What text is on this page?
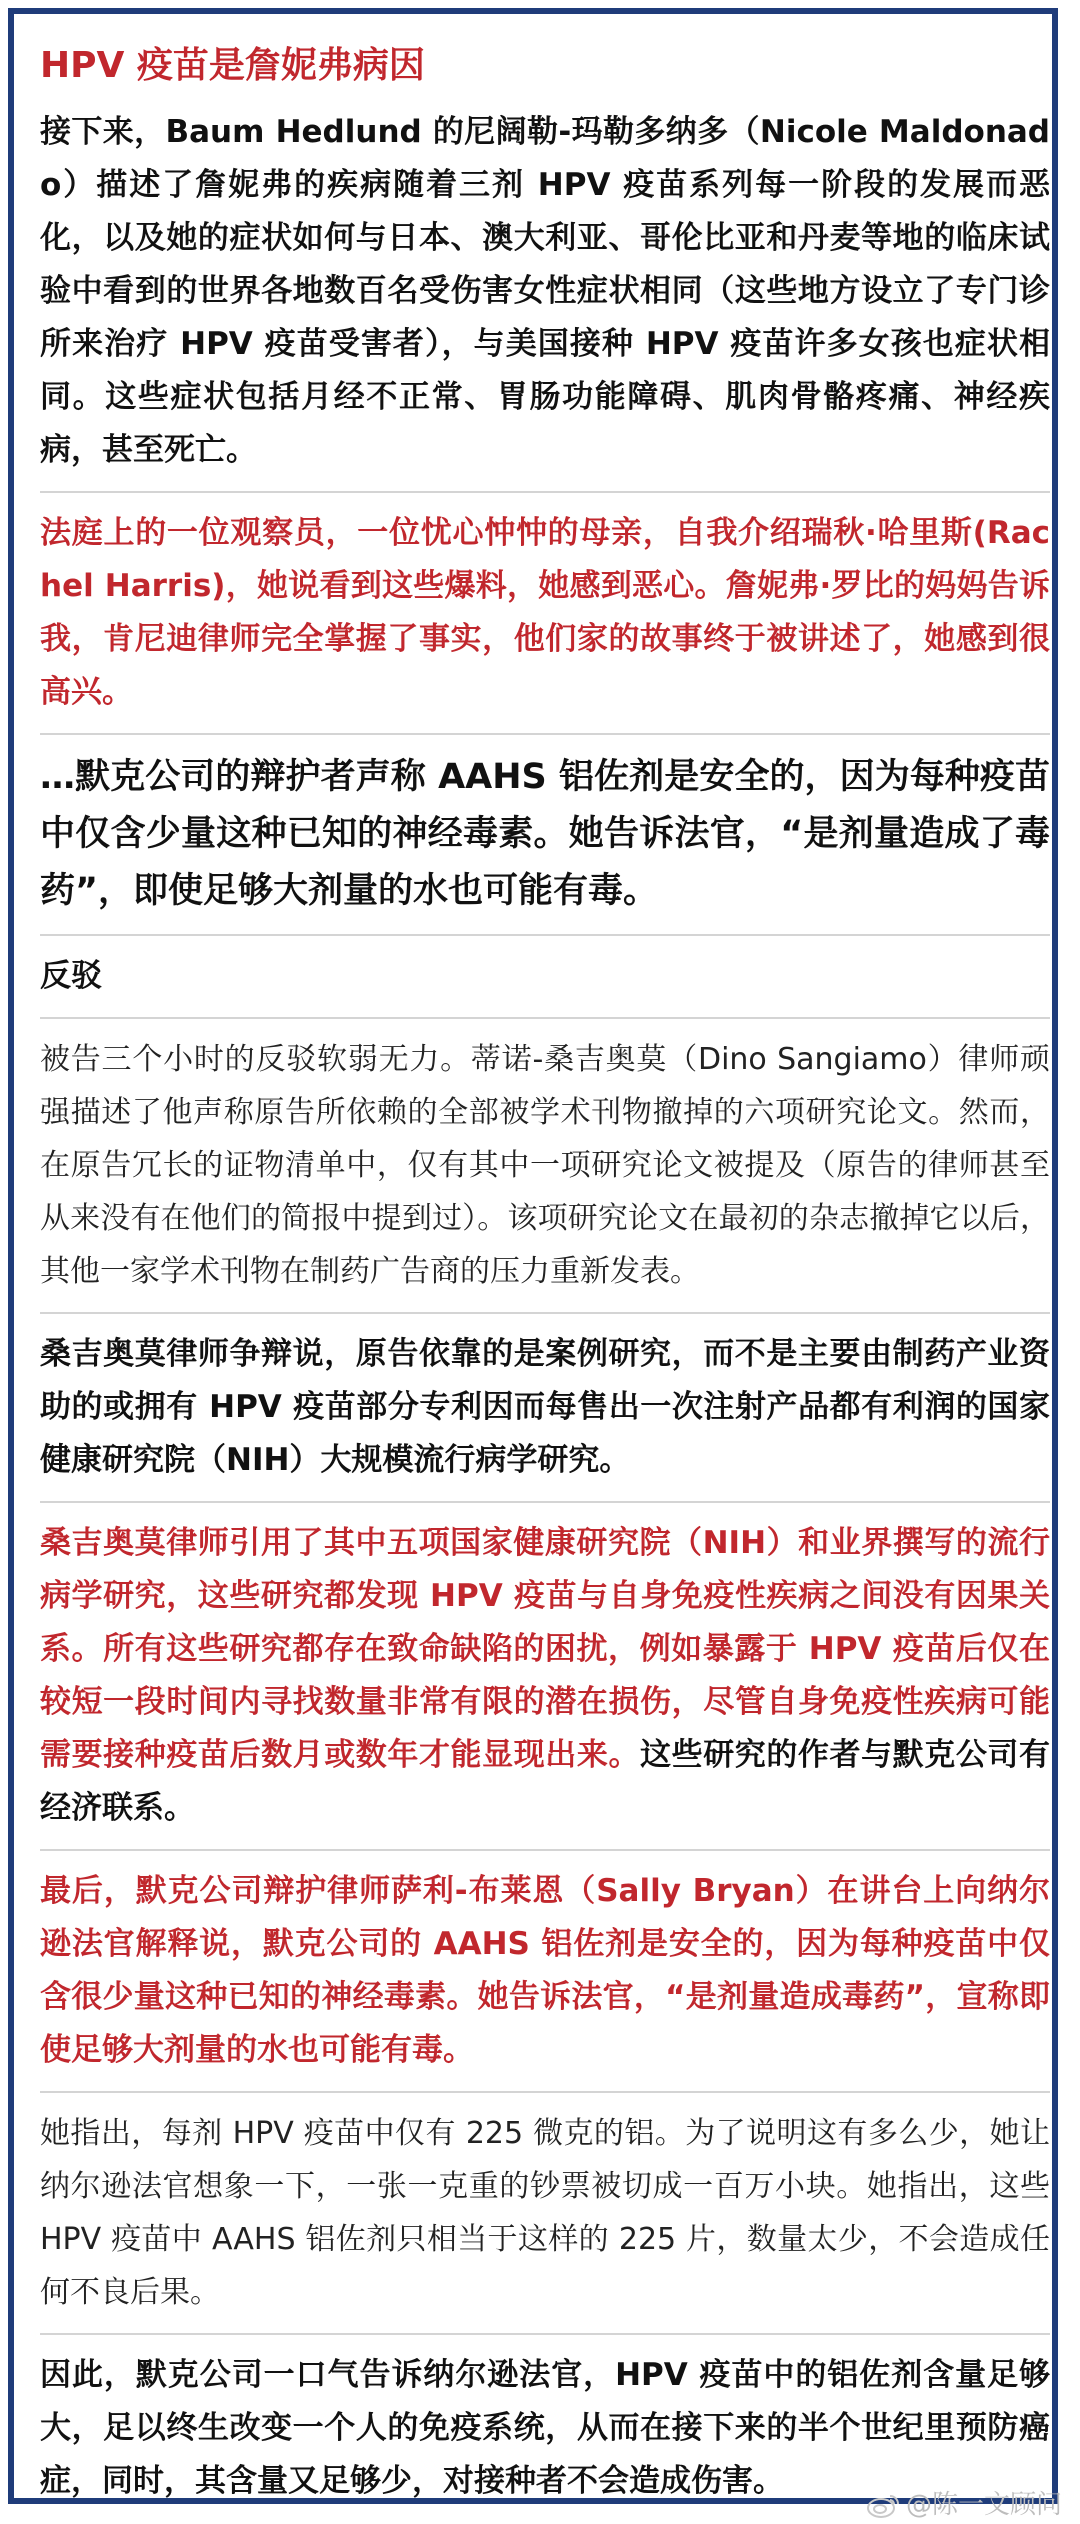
HPV 疫苗是詹妮弗病因

接下来，Baum Hedlund 的尼阔勒-玛勒多纳多（Nicole Maldonado）描述了詹妮弗的疾病随着三剂 HPV 疫苗系列每一阶段的发展而恶化，以及她的症状如何与日本、澳大利亚、哥伦比亚和丹麦等地的临床试验中看到的世界各地数百名受伤害女性症状相同（这些地方设立了专门诊所来治疗 HPV 疫苗受害者），与美国接种 HPV 疫苗许多女孩也症状相同。这些症状包括月经不正常、胃肠功能障碍、肌肉骨骼疼痛、神经疾病，甚至死亡。

法庭上的一位观察员，一位忧心忡忡的母亲，自我介绍瑞秋·哈里斯(Rachel Harris)，她说看到这些爆料，她感到恶心。詹妮弗·罗比的妈妈告诉我，肯尼迪律师完全掌握了事实，他们家的故事终于被讲述了，她感到很高兴。

…默克公司的辩护者声称 AAHS 铝佐剂是安全的，因为每种疫苗中仅含少量这种已知的神经毒素。她告诉法官，“是剂量造成了毒药”，即使足够大剂量的水也可能有毒。

反驳

被告三个小时的反驳软弱无力。蒂诺-桑吉奥莫（Dino Sangiamo）律师顽强描述了他声称原告所依赖的全部被学术刊物撤掉的六项研究论文。然而，在原告冗长的证物清单中，仅有其中一项研究论文被提及（原告的律师甚至从来没有在他们的简报中提到过）。该项研究论文在最初的杂志撤掉它以后，其他一家学术刊物在制药广告商的压力重新发表。

桑吉奥莫律师争辩说，原告依靠的是案例研究，而不是主要由制药产业资助的或拥有 HPV 疫苗部分专利因而每售出一次注射产品都有利润的国家健康研究院（NIH）大规模流行病学研究。

桑吉奥莫律师引用了其中五项国家健康研究院（NIH）和业界撰写的流行病学研究，这些研究都发现 HPV 疫苗与自身免疫性疾病之间没有因果关系。所有这些研究都存在致命缺陷的困扰，例如暴露于 HPV 疫苗后仅在较短一段时间内寻找数量非常有限的潜在损伤，尽管自身免疫性疾病可能需要接种疫苗后数月或数年才能显现出来。这些研究的作者与默克公司有经济联系。

最后，默克公司辩护律师萨利-布莱恩（Sally Bryan）在讲台上向纳尔逊法官解释说，默克公司的 AAHS 铝佐剂是安全的，因为每种疫苗中仅含很少量这种已知的神经毒素。她告诉法官，“是剂量造成毒药”，宣称即使足够大剂量的水也可能有毒。

她指出，每剂 HPV 疫苗中仅有 225 微克的铝。为了说明这有多么少，她让纳尔逊法官想象一下，一张一克重的钞票被切成一百万小块。她指出，这些 HPV 疫苗中 AAHS 铝佐剂只相当于这样的 225 片，数量太少，不会造成任何不良后果。

因此，默克公司一口气告诉纳尔逊法官，HPV 疫苗中的铝佐剂含量足够大，足以终生改变一个人的免疫系统，从而在接下来的半个世纪里预防癌症，同时，其含量又足够少，对接种者不会造成伤害。

@陈一文顾问
